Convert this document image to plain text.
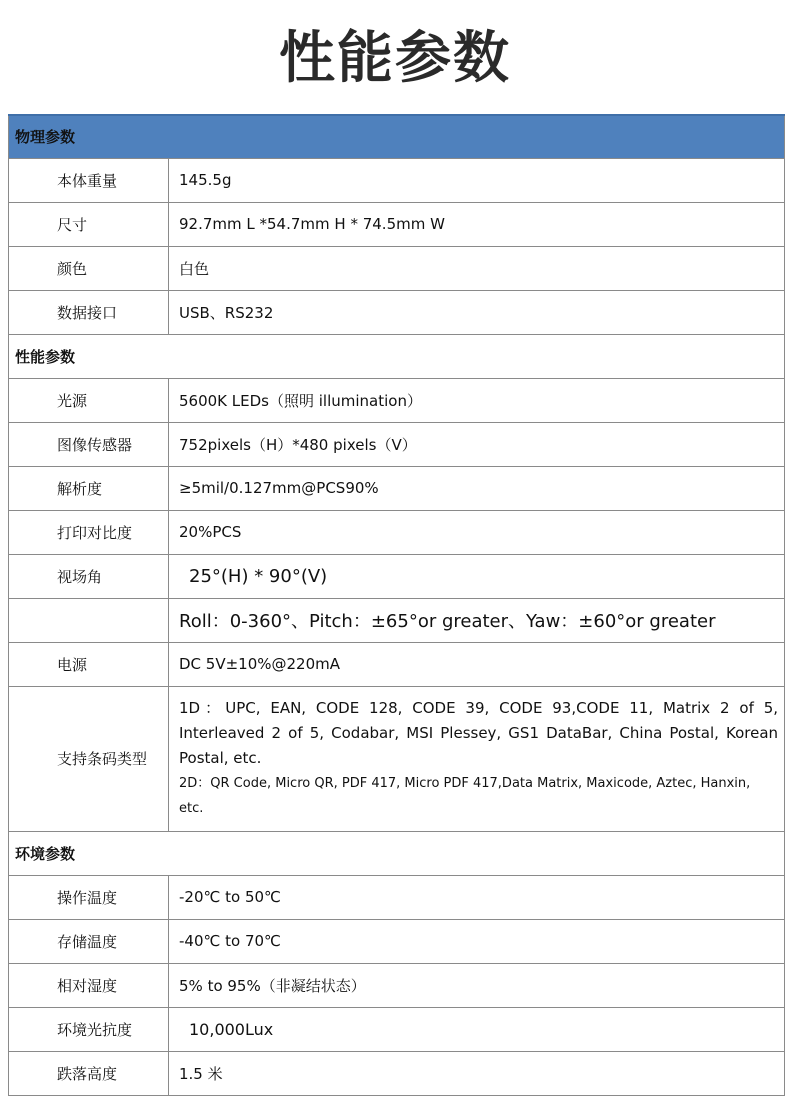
性能参数
物理参数	
本体重量	145.5g
尺寸	92.7mm L *54.7mm H * 74.5mm W
颜色	白色
数据接口	USB、RS232
性能参数	
光源	5600K LEDs（照明 illumination）
图像传感器	752pixels（H）*480 pixels（V）
解析度	≥5mil/0.127mm@PCS90%
打印对比度	20%PCS
视场角	25°(H) * 90°(V)
	Roll：0-360°、Pitch：±65°or greater、Yaw：±60°or greater
电源	DC 5V±10%@220mA
支持条码类型	1D：UPC, EAN, CODE 128, CODE 39, CODE 93,CODE 11, Matrix 2 of 5, Interleaved 2 of 5, Codabar, MSI Plessey, GS1 DataBar, China Postal, Korean Postal, etc.
2D：QR Code, Micro QR, PDF 417, Micro PDF 417,Data Matrix, Maxicode, Aztec, Hanxin, etc.

环境参数	
操作温度	-20℃ to 50℃
存储温度	-40℃ to 70℃
相对湿度	5% to 95%（非凝结状态）
环境光抗度	10,000Lux
跌落高度	1.5 米
